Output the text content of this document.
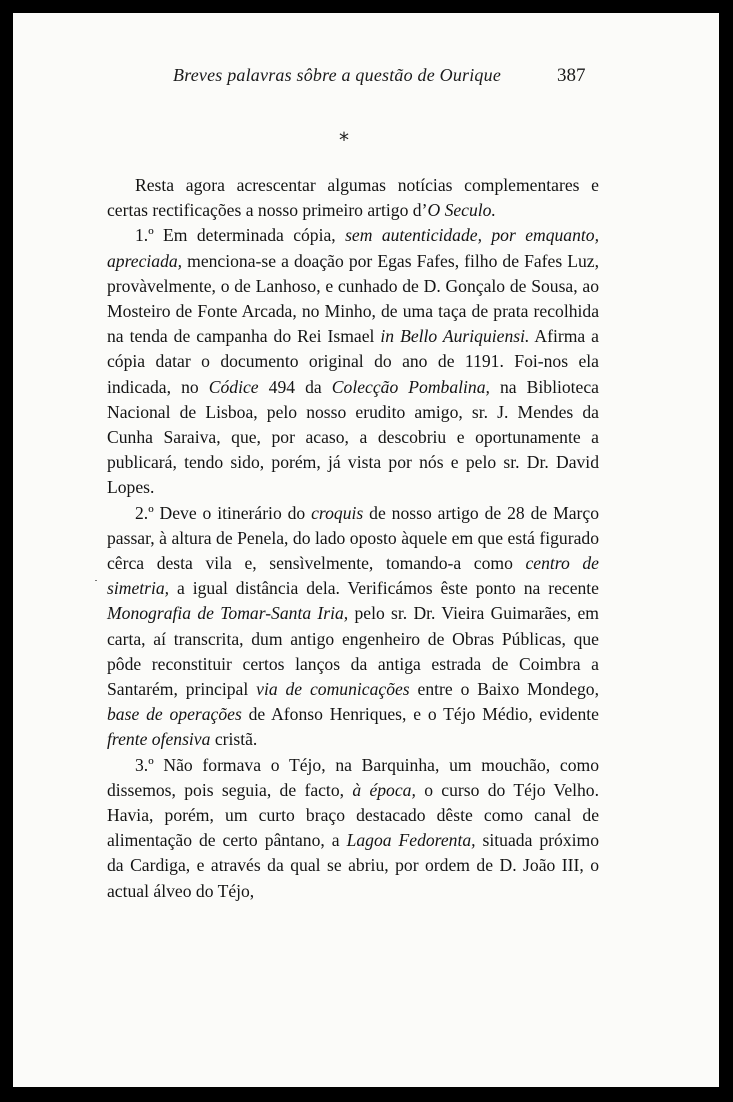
Breves palavras sôbre a questão de Ourique	387
*

Resta agora acrescentar algumas notícias complementares e certas rectificações a nosso primeiro artigo d’O Seculo.

1.º Em determinada cópia, sem autenticidade, por emquanto, apreciada, menciona-se a doação por Egas Fafes, filho de Fafes Luz, provàvelmente, o de Lanhoso, e cunhado de D. Gonçalo de Sousa, ao Mosteiro de Fonte Arcada, no Minho, de uma taça de prata recolhida na tenda de campanha do Rei Ismael in Bello Auriquiensi. Afirma a cópia datar o documento original do ano de 1191. Foi-nos ela indicada, no Códice 494 da Colecção Pombalina, na Biblioteca Nacional de Lisboa, pelo nosso erudito amigo, sr. J. Mendes da Cunha Saraiva, que, por acaso, a descobriu e oportunamente a publicará, tendo sido, porém, já vista por nós e pelo sr. Dr. David Lopes.

2.º Deve o itinerário do croquis de nosso artigo de 28 de Março passar, à altura de Penela, do lado oposto àquele em que está figurado cêrca desta vila e, sensìvelmente, tomando-a como centro de simetria, a igual distância dela. Verificámos êste ponto na recente Monografia de Tomar-Santa Iria, pelo sr. Dr. Vieira Guimarães, em carta, aí transcrita, dum antigo engenheiro de Obras Públicas, que pôde reconstituir certos lanços da antiga estrada de Coimbra a Santarém, principal via de comunicações entre o Baixo Mondego, base de operações de Afonso Henriques, e o Téjo Médio, evidente frente ofensiva cristã.

3.º Não formava o Téjo, na Barquinha, um mouchão, como dissemos, pois seguia, de facto, à época, o curso do Téjo Velho. Havia, porém, um curto braço destacado dêste como canal de alimentação de certo pântano, a Lagoa Fedorenta, situada próximo da Cardiga, e através da qual se abriu, por ordem de D. João III, o actual álveo do Téjo,
